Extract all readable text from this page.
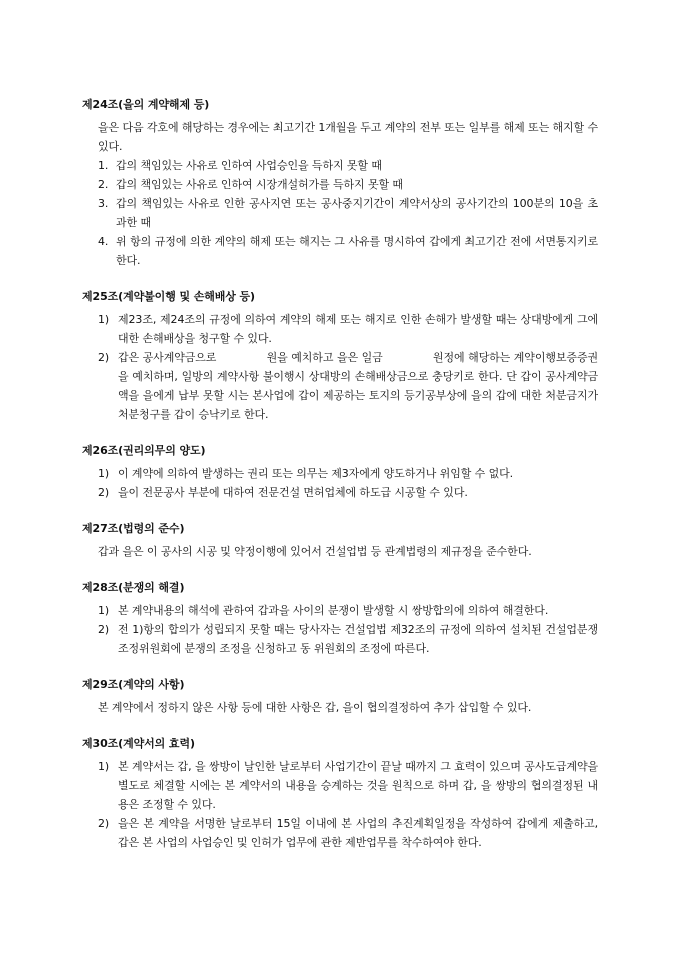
제24조(을의 계약해제 등)
을은 다음 각호에 해당하는 경우에는 최고기간 1개월을 두고 계약의 전부 또는 일부를 해제 또는 해지할 수 있다.
1. 갑의 책임있는 사유로 인하여 사업승인을 득하지 못할 때
2. 갑의 책임있는 사유로 인하여 시장개설허가를 득하지 못할 때
3. 갑의 책임있는 사유로 인한 공사지연 또는 공사중지기간이 계약서상의 공사기간의 100분의 10을 초과한 때
4. 위 항의 규정에 의한 계약의 해제 또는 해지는 그 사유를 명시하여 갑에게 최고기간 전에 서면통지키로 한다.
제25조(계약불이행 및 손해배상 등)
1) 제23조, 제24조의 규정에 의하여 계약의 해제 또는 해지로 인한 손해가 발생할 때는 상대방에게 그에 대한 손해배상을 청구할 수 있다.
2) 갑은 공사계약금으로              원을 예치하고 을은 일금              원정에 해당하는 계약이행보증증권을 예치하며, 일방의 계약사항 불이행시 상대방의 손해배상금으로 충당키로 한다. 단 갑이 공사계약금액을 을에게 납부 못할 시는 본사업에 갑이 제공하는 토지의 등기공부상에 을의 갑에 대한 처분금지가처분청구를 갑이 승낙키로 한다.
제26조(권리의무의 양도)
1) 이 계약에 의하여 발생하는 권리 또는 의무는 제3자에게 양도하거나 위임할 수 없다.
2) 을이 전문공사 부분에 대하여 전문건설 면허업체에 하도급 시공할 수 있다.
제27조(법령의 준수)
갑과 을은 이 공사의 시공 및 약정이행에 있어서 건설업법 등 관계법령의 제규정을 준수한다.
제28조(분쟁의 해결)
1) 본 계약내용의 해석에 관하여 갑과을 사이의 분쟁이 발생할 시 쌍방합의에 의하여 해결한다.
2) 전 1)항의 합의가 성립되지 못할 때는 당사자는 건설업법 제32조의 규정에 의하여 설치된 건설업분쟁조정위원회에 분쟁의 조정을 신청하고 동 위원회의 조정에 따른다.
제29조(계약의 사항)
본 계약에서 정하지 않은 사항 등에 대한 사항은 갑, 을이 협의결정하여 추가 삽입할 수 있다.
제30조(계약서의 효력)
1) 본 계약서는 갑, 을 쌍방이 날인한 날로부터 사업기간이 끝날 때까지 그 효력이 있으며 공사도급계약을 별도로 체결할 시에는 본 계약서의 내용을 승계하는 것을 원칙으로 하며 갑, 을 쌍방의 협의결정된 내용은 조정할 수 있다.
2) 을은 본 계약을 서명한 날로부터 15일 이내에 본 사업의 추진계획일정을 작성하여 갑에게 제출하고, 갑은 본 사업의 사업승인 및 인허가 업무에 관한 제반업무를 착수하여야 한다.
